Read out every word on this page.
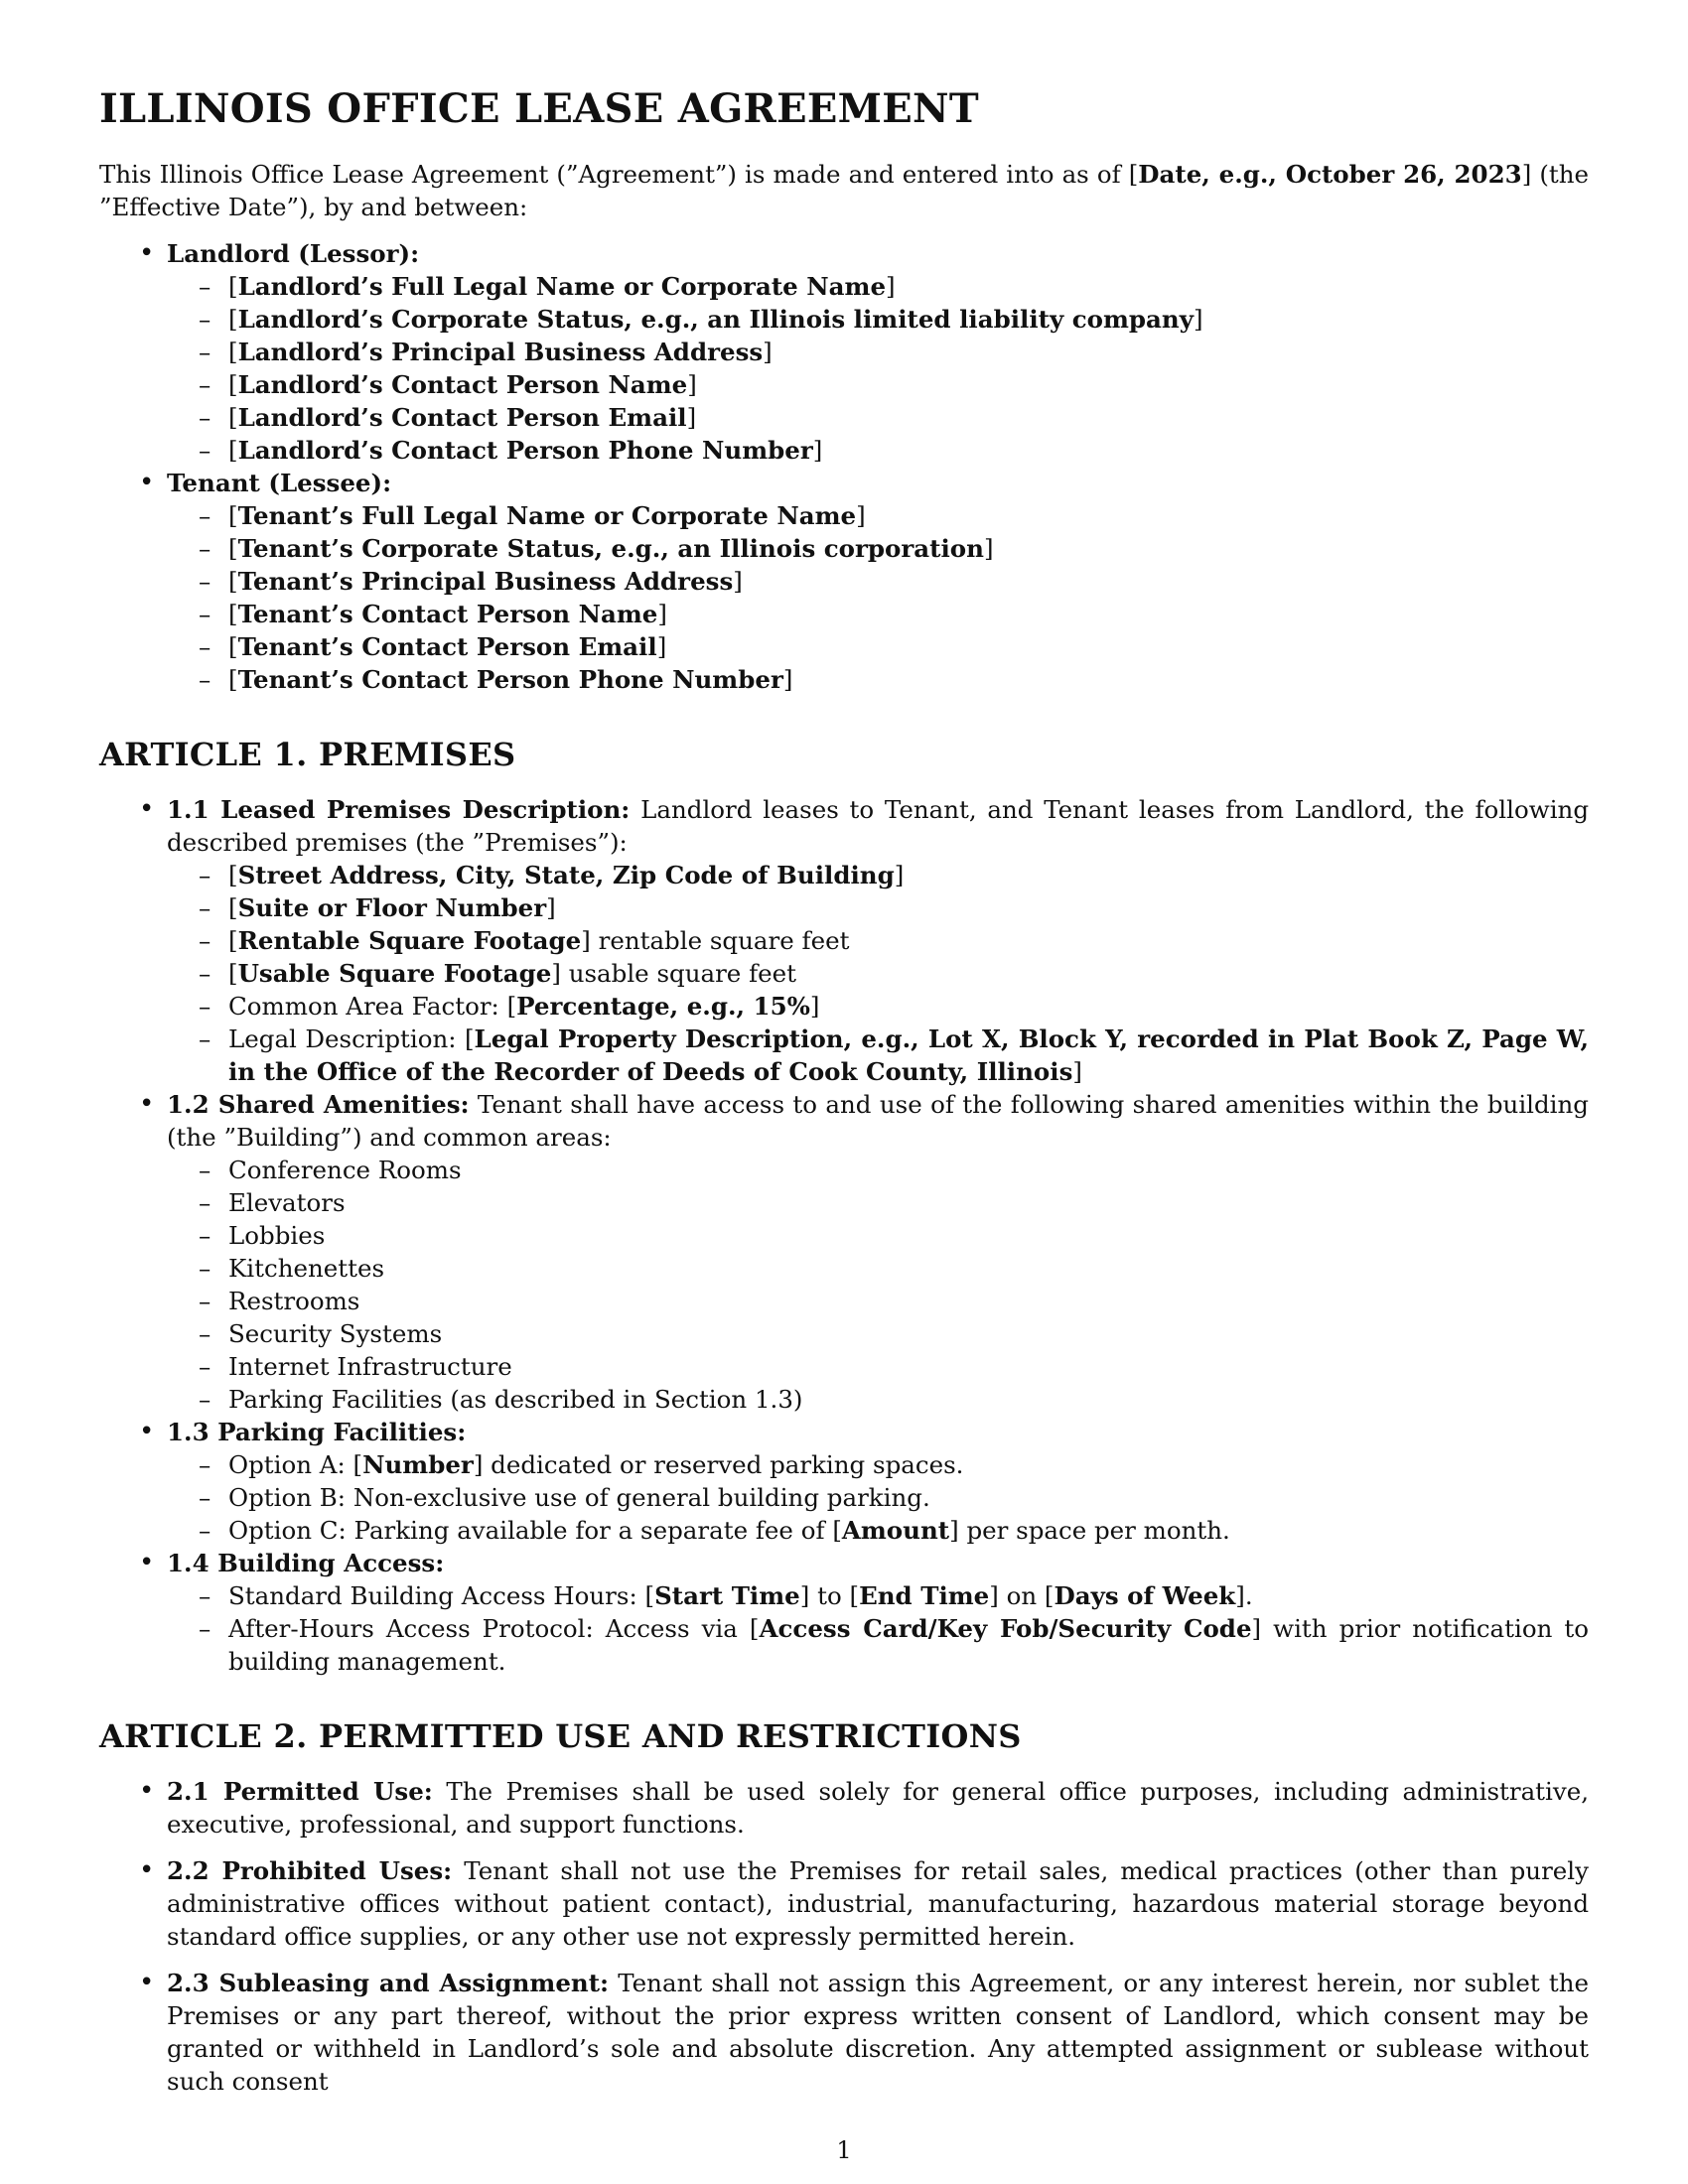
ILLINOIS OFFICE LEASE AGREEMENT

This Illinois Office Lease Agreement (”Agreement”) is made and entered into as of [Date, e.g., October 26, 2023] (the ”Effective Date”), by and between:

• Landlord (Lessor):
– [Landlord’s Full Legal Name or Corporate Name]
– [Landlord’s Corporate Status, e.g., an Illinois limited liability company]
– [Landlord’s Principal Business Address]
– [Landlord’s Contact Person Name]
– [Landlord’s Contact Person Email]
– [Landlord’s Contact Person Phone Number]
• Tenant (Lessee):
– [Tenant’s Full Legal Name or Corporate Name]
– [Tenant’s Corporate Status, e.g., an Illinois corporation]
– [Tenant’s Principal Business Address]
– [Tenant’s Contact Person Name]
– [Tenant’s Contact Person Email]
– [Tenant’s Contact Person Phone Number]
ARTICLE 1. PREMISES
• 1.1 Leased Premises Description: Landlord leases to Tenant, and Tenant leases from Landlord, the following described premises (the ”Premises”):
– [Street Address, City, State, Zip Code of Building]
– [Suite or Floor Number]
– [Rentable Square Footage] rentable square feet
– [Usable Square Footage] usable square feet
– Common Area Factor: [Percentage, e.g., 15%]
– Legal Description: [Legal Property Description, e.g., Lot X, Block Y, recorded in Plat Book Z, Page W, in the Office of the Recorder of Deeds of Cook County, Illinois]
• 1.2 Shared Amenities: Tenant shall have access to and use of the following shared amenities within the building (the ”Building”) and common areas:
– Conference Rooms
– Elevators
– Lobbies
– Kitchenettes
– Restrooms
– Security Systems
– Internet Infrastructure
– Parking Facilities (as described in Section 1.3)
• 1.3 Parking Facilities:
– Option A: [Number] dedicated or reserved parking spaces.
– Option B: Non-exclusive use of general building parking.
– Option C: Parking available for a separate fee of [Amount] per space per month.
• 1.4 Building Access:
– Standard Building Access Hours: [Start Time] to [End Time] on [Days of Week].
– After-Hours Access Protocol: Access via [Access Card/Key Fob/Security Code] with prior notification to building management.
ARTICLE 2. PERMITTED USE AND RESTRICTIONS
• 2.1 Permitted Use: The Premises shall be used solely for general office purposes, including administrative, executive, professional, and support functions.
• 2.2 Prohibited Uses: Tenant shall not use the Premises for retail sales, medical practices (other than purely administrative offices without patient contact), industrial, manufacturing, hazardous material storage beyond standard office supplies, or any other use not expressly permitted herein.
• 2.3 Subleasing and Assignment: Tenant shall not assign this Agreement, or any interest herein, nor sublet the Premises or any part thereof, without the prior express written consent of Landlord, which consent may be granted or withheld in Landlord’s sole and absolute discretion. Any attempted assignment or sublease without such consent
1
